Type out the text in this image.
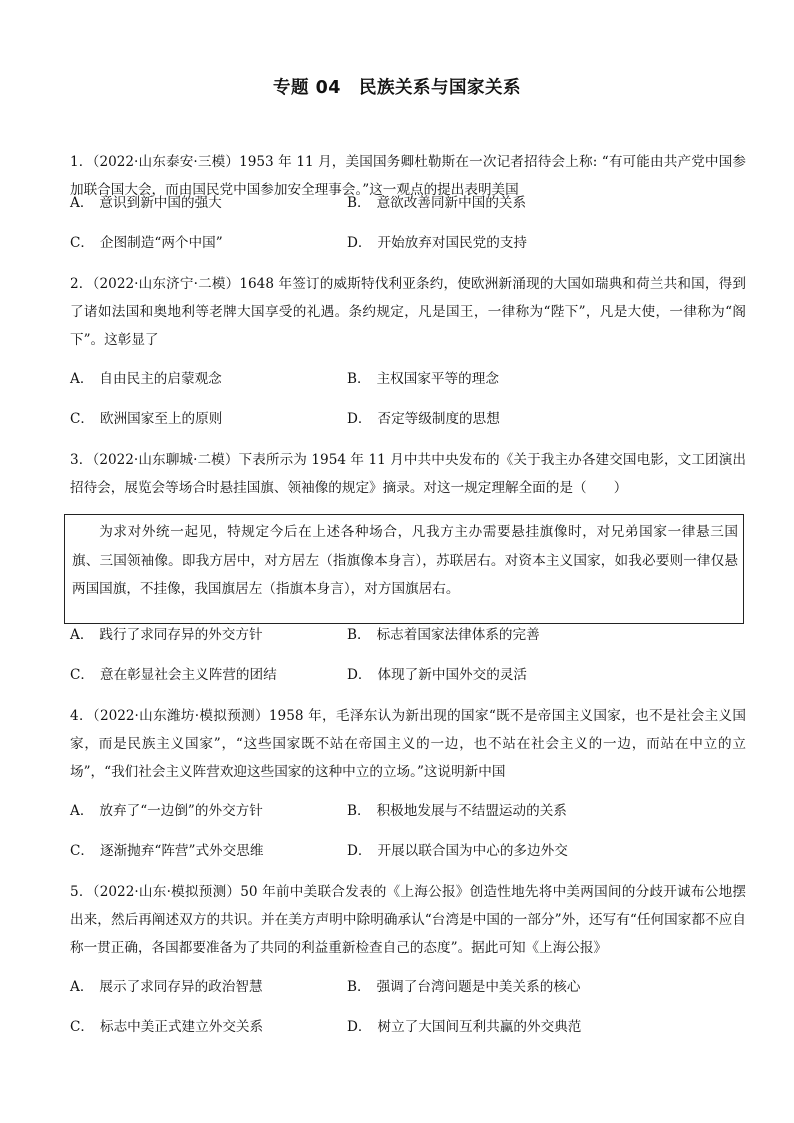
专题 04　民族关系与国家关系
1．（2022·山东泰安·三模）1953 年 11 月，美国国务卿杜勒斯在一次记者招待会上称: “有可能由共产党中国参加联合国大会，而由国民党中国参加安全理事会。”这一观点的提出表明美国
A． 意识到新中国的强大	B． 意欲改善同新中国的关系
C． 企图制造“两个中国”	D． 开始放弃对国民党的支持
2．（2022·山东济宁·二模）1648 年签订的威斯特伐利亚条约，使欧洲新涌现的大国如瑞典和荷兰共和国，得到了诸如法国和奥地利等老牌大国享受的礼遇。条约规定，凡是国王，一律称为“陛下”，凡是大使，一律称为“阁下”。这彰显了
A． 自由民主的启蒙观念	B． 主权国家平等的理念
C． 欧洲国家至上的原则	D． 否定等级制度的思想
3．（2022·山东聊城·二模）下表所示为 1954 年 11 月中共中央发布的《关于我主办各建交国电影，文工团演出招待会，展览会等场合时悬挂国旗、领袖像的规定》摘录。对这一规定理解全面的是（　　）
为求对外统一起见，特规定今后在上述各种场合，凡我方主办需要悬挂旗像时，对兄弟国家一律悬三国旗、三国领袖像。即我方居中，对方居左（指旗像本身言），苏联居右。对资本主义国家，如我必要则一律仅悬两国国旗，不挂像，我国旗居左（指旗本身言），对方国旗居右。
A． 践行了求同存异的外交方针	B． 标志着国家法律体系的完善
C． 意在彰显社会主义阵营的团结	D． 体现了新中国外交的灵活
4．（2022·山东潍坊·模拟预测）1958 年，毛泽东认为新出现的国家“既不是帝国主义国家，也不是社会主义国家，而是民族主义国家”，“这些国家既不站在帝国主义的一边，也不站在社会主义的一边，而站在中立的立场”，“我们社会主义阵营欢迎这些国家的这种中立的立场。”这说明新中国
A． 放弃了“一边倒”的外交方针	B． 积极地发展与不结盟运动的关系
C． 逐渐抛弃“阵营”式外交思维	D． 开展以联合国为中心的多边外交
5．（2022·山东·模拟预测）50 年前中美联合发表的《上海公报》创造性地先将中美两国间的分歧开诚布公地摆出来，然后再阐述双方的共识。并在美方声明中除明确承认“台湾是中国的一部分”外，还写有“任何国家都不应自称一贯正确，各国都要准备为了共同的利益重新检查自己的态度”。据此可知《上海公报》
A． 展示了求同存异的政治智慧	B． 强调了台湾问题是中美关系的核心
C． 标志中美正式建立外交关系	D． 树立了大国间互利共赢的外交典范
